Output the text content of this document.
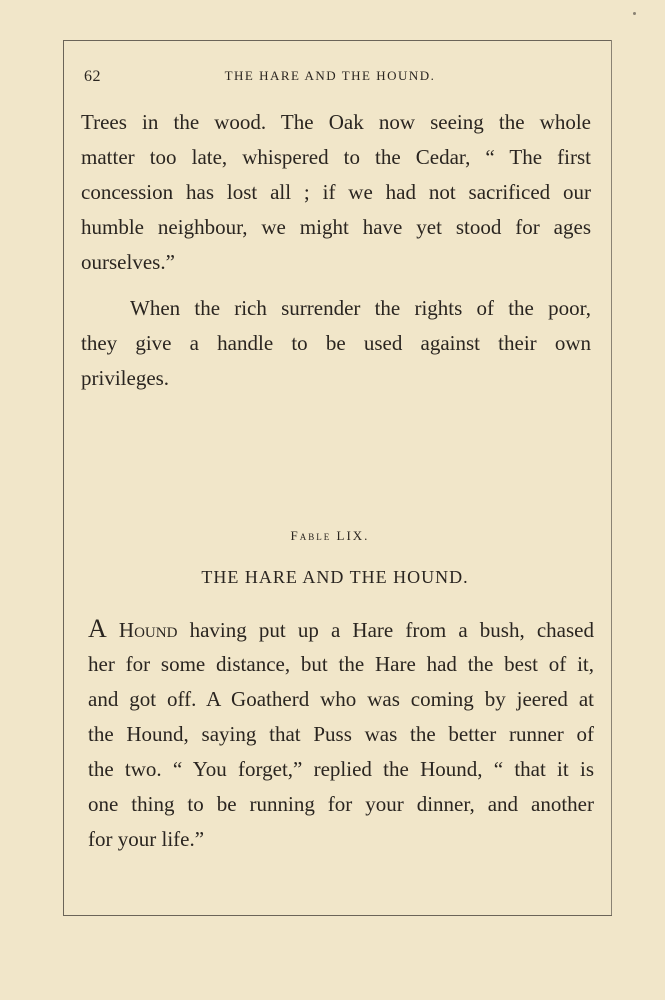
62	THE HARE AND THE HOUND.
Trees in the wood. The Oak now seeing the whole
matter too late, whispered to the Cedar, “ The first
concession has lost all ; if we had not sacrificed our
humble neighbour, we might have yet stood for ages
ourselves.”
When the rich surrender the rights of the poor,
they give a handle to be used against their own
privileges.
Fable LIX.
THE HARE AND THE HOUND.
A Hound having put up a Hare from a bush, chased
her for some distance, but the Hare had the best of it,
and got off. A Goatherd who was coming by jeered at
the Hound, saying that Puss was the better runner of
the two. “ You forget,” replied the Hound, “ that it is
one thing to be running for your dinner, and another
for your life.”
